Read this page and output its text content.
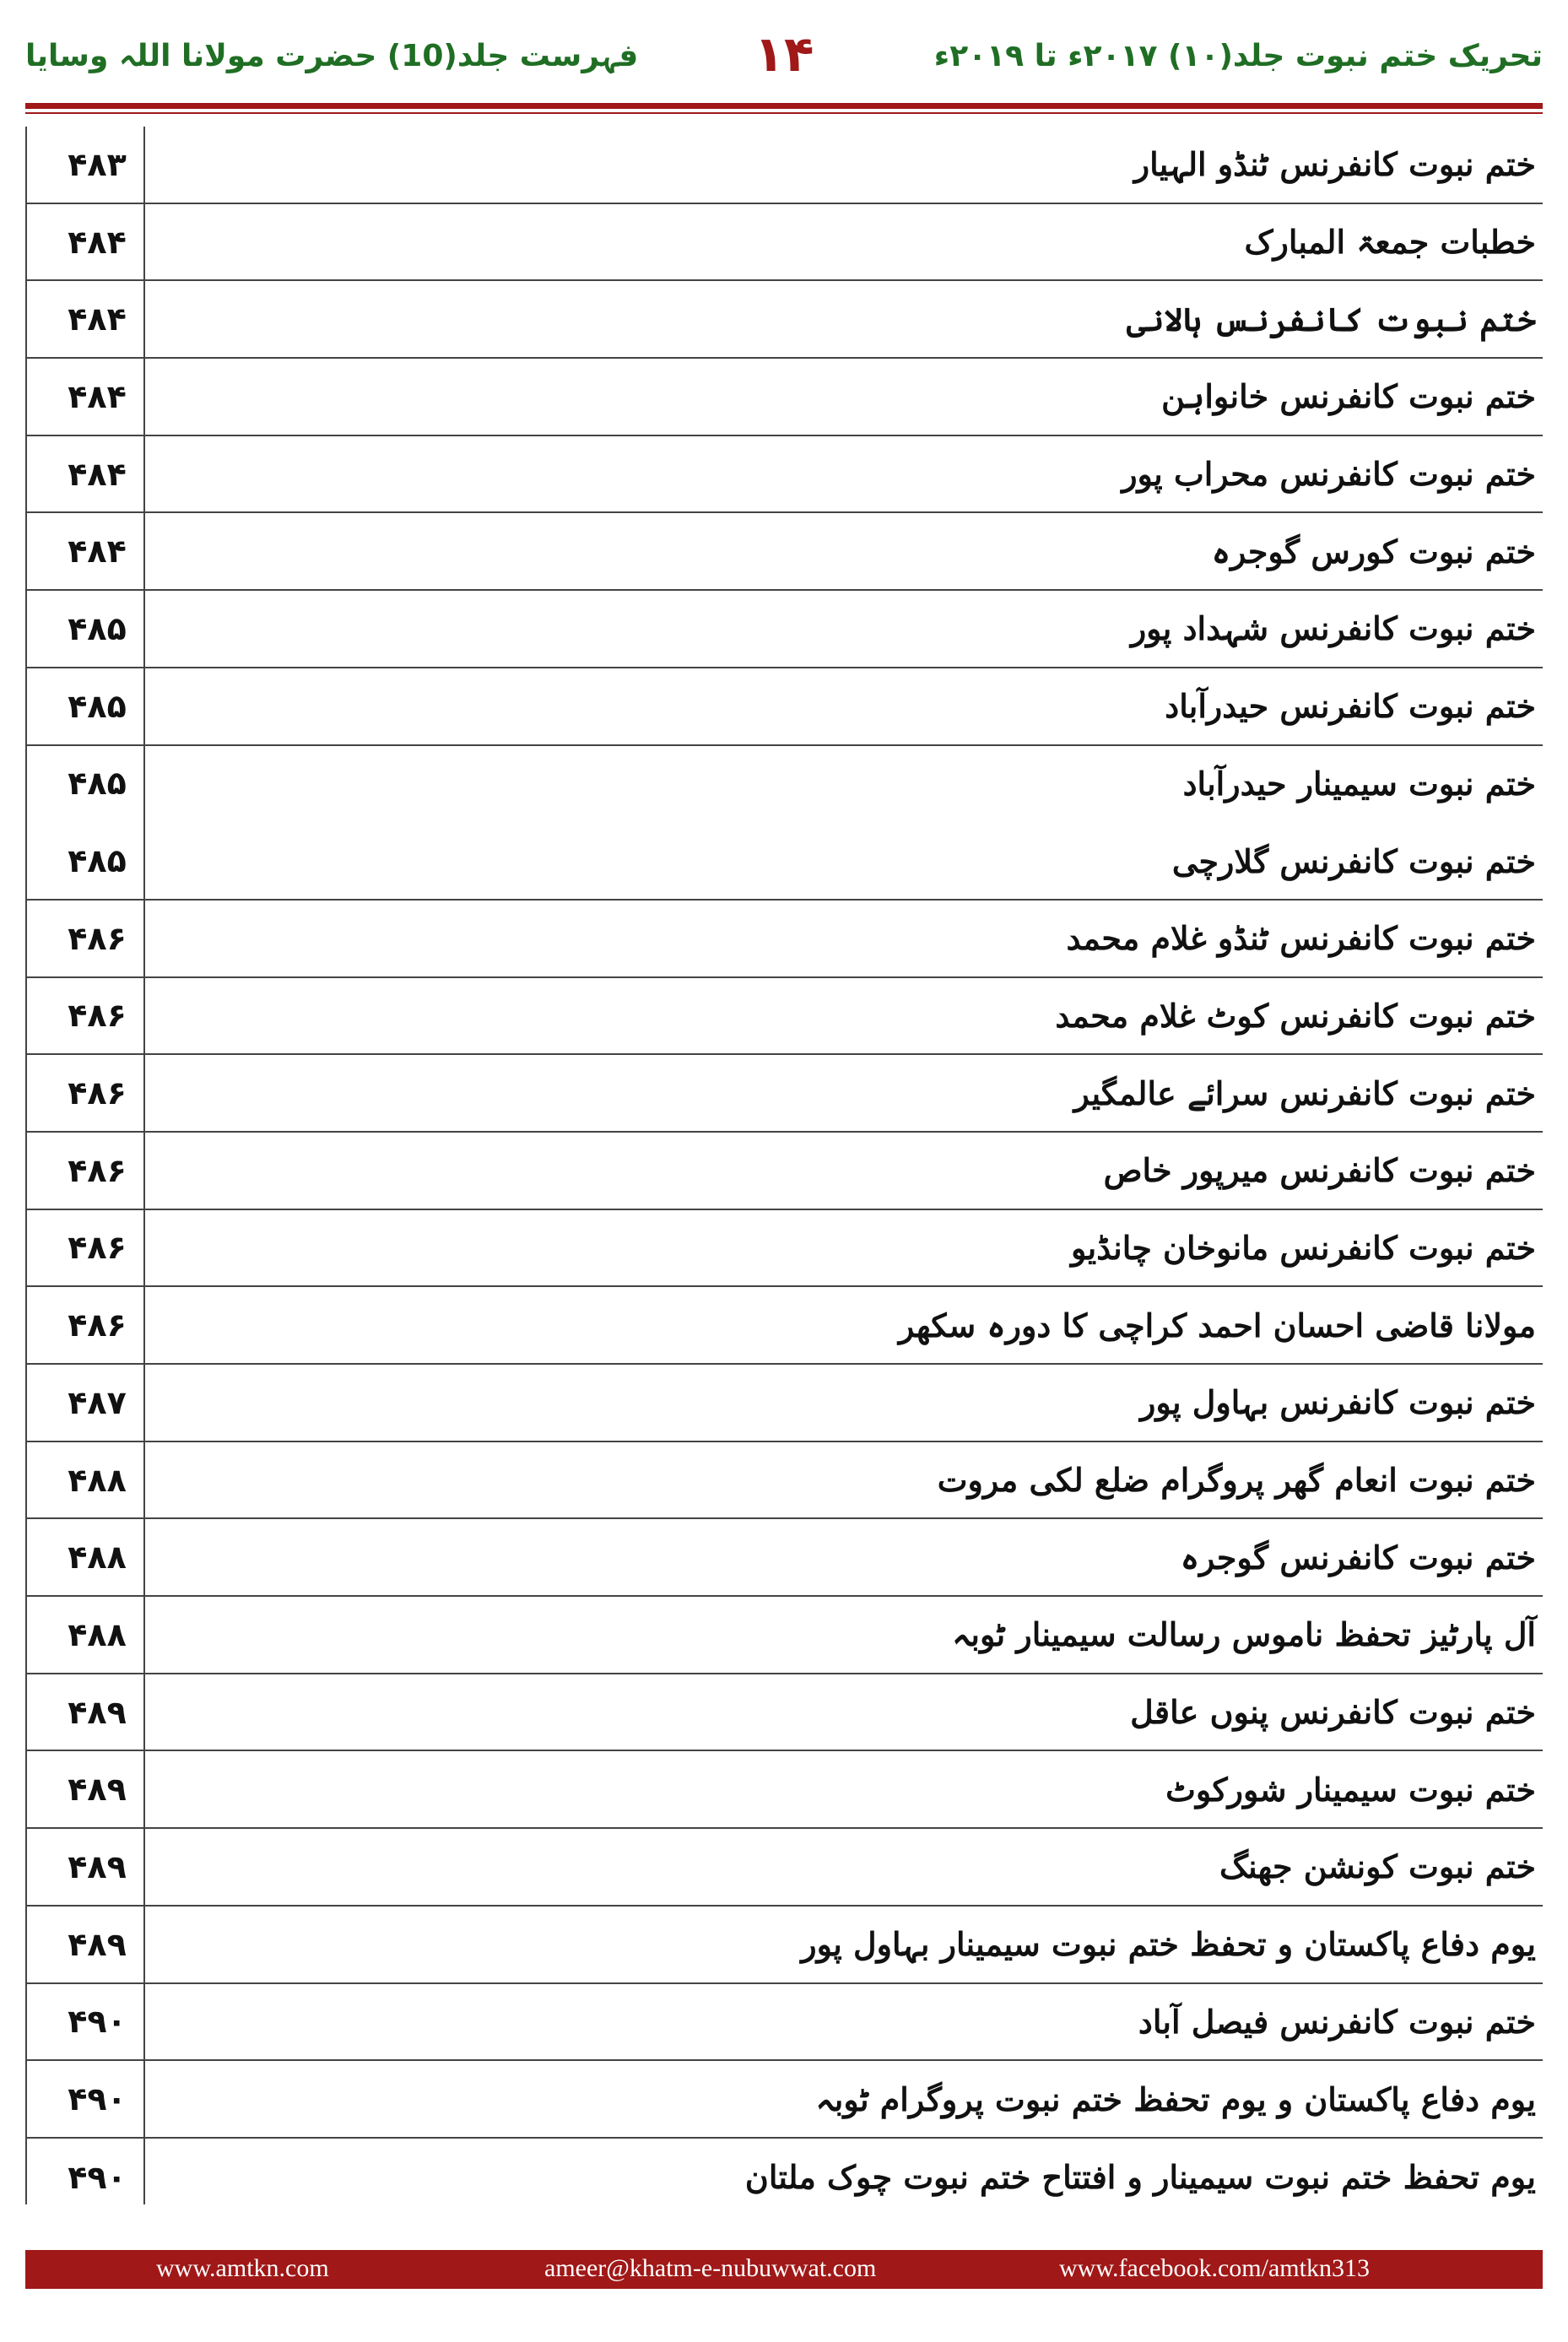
تحریک ختم نبوت جلد(۱۰) ۲۰۱۷ء تا ۲۰۱۹ء
۱۴
فہرست جلد(10) حضرت مولانا اللہ وسایا
ختم نبوت کانفرنس ٹنڈو الہیار
۴۸۳
خطبات جمعۃ المبارک
۴۸۴
ختم نبوت کانفرنس ہالانی
۴۸۴
ختم نبوت کانفرنس خانواہن
۴۸۴
ختم نبوت کانفرنس محراب پور
۴۸۴
ختم نبوت کورس گوجرہ
۴۸۴
ختم نبوت کانفرنس شہداد پور
۴۸۵
ختم نبوت کانفرنس حیدرآباد
۴۸۵
ختم نبوت سیمینار حیدرآباد
۴۸۵
ختم نبوت کانفرنس گلارچی
۴۸۵
ختم نبوت کانفرنس ٹنڈو غلام محمد
۴۸۶
ختم نبوت کانفرنس کوٹ غلام محمد
۴۸۶
ختم نبوت کانفرنس سرائے عالمگیر
۴۸۶
ختم نبوت کانفرنس میرپور خاص
۴۸۶
ختم نبوت کانفرنس مانوخان چانڈیو
۴۸۶
مولانا قاضی احسان احمد کراچی کا دورہ سکھر
۴۸۶
ختم نبوت کانفرنس بہاول پور
۴۸۷
ختم نبوت انعام گھر پروگرام ضلع لکی مروت
۴۸۸
ختم نبوت کانفرنس گوجرہ
۴۸۸
آل پارٹیز تحفظ ناموس رسالت سیمینار ٹوبہ
۴۸۸
ختم نبوت کانفرنس پنوں عاقل
۴۸۹
ختم نبوت سیمینار شورکوٹ
۴۸۹
ختم نبوت کونشن جھنگ
۴۸۹
یوم دفاع پاکستان و تحفظ ختم نبوت سیمینار بہاول پور
۴۸۹
ختم نبوت کانفرنس فیصل آباد
۴۹۰
یوم دفاع پاکستان و یوم تحفظ ختم نبوت پروگرام ٹوبہ
۴۹۰
یوم تحفظ ختم نبوت سیمینار و افتتاح ختم نبوت چوک ملتان
۴۹۰
www.amtkn.com	ameer@khatm-e-nubuwwat.com	www.facebook.com/amtkn313
